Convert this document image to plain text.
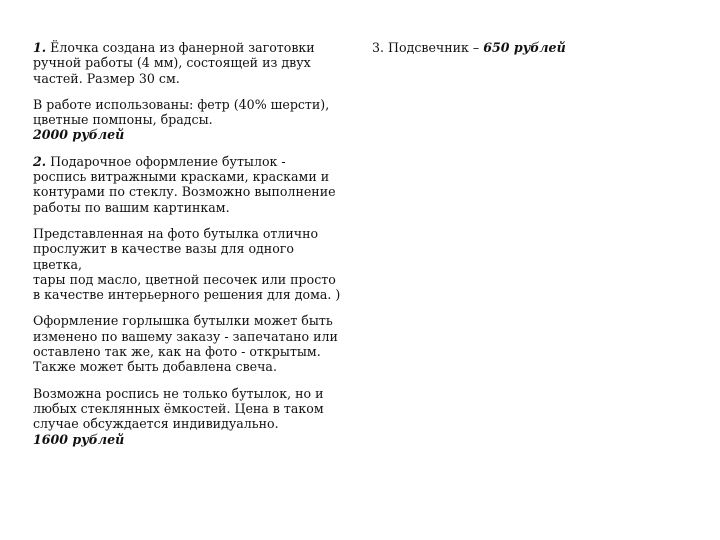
1. Ёлочка создана из фанерной заготовки
ручной работы (4 мм), состоящей из двух
частей. Размер 30 см.

В работе использованы: фетр (40% шерсти),
цветные помпоны, брадсы.

2000 рублей

2. Подарочное оформление бутылок -
роспись витражными красками, красками и
контурами по стеклу. Возможно выполнение
работы по вашим картинкам.

Представленная на фото бутылка отлично
прослужит в качестве вазы для одного цветка,
тары под масло, цветной песочек или просто
в качестве интерьерного решения для дома. )

Оформление горлышка бутылки может быть
изменено по вашему заказу - запечатано или
оставлено так же, как на фото - открытым.
Также может быть добавлена свеча.

Возможна роспись не только бутылок, но и
любых стеклянных ёмкостей. Цена в таком
случае обсуждается индивидуально.

1600 рублей

3. Подсвечник – 650 рублей
